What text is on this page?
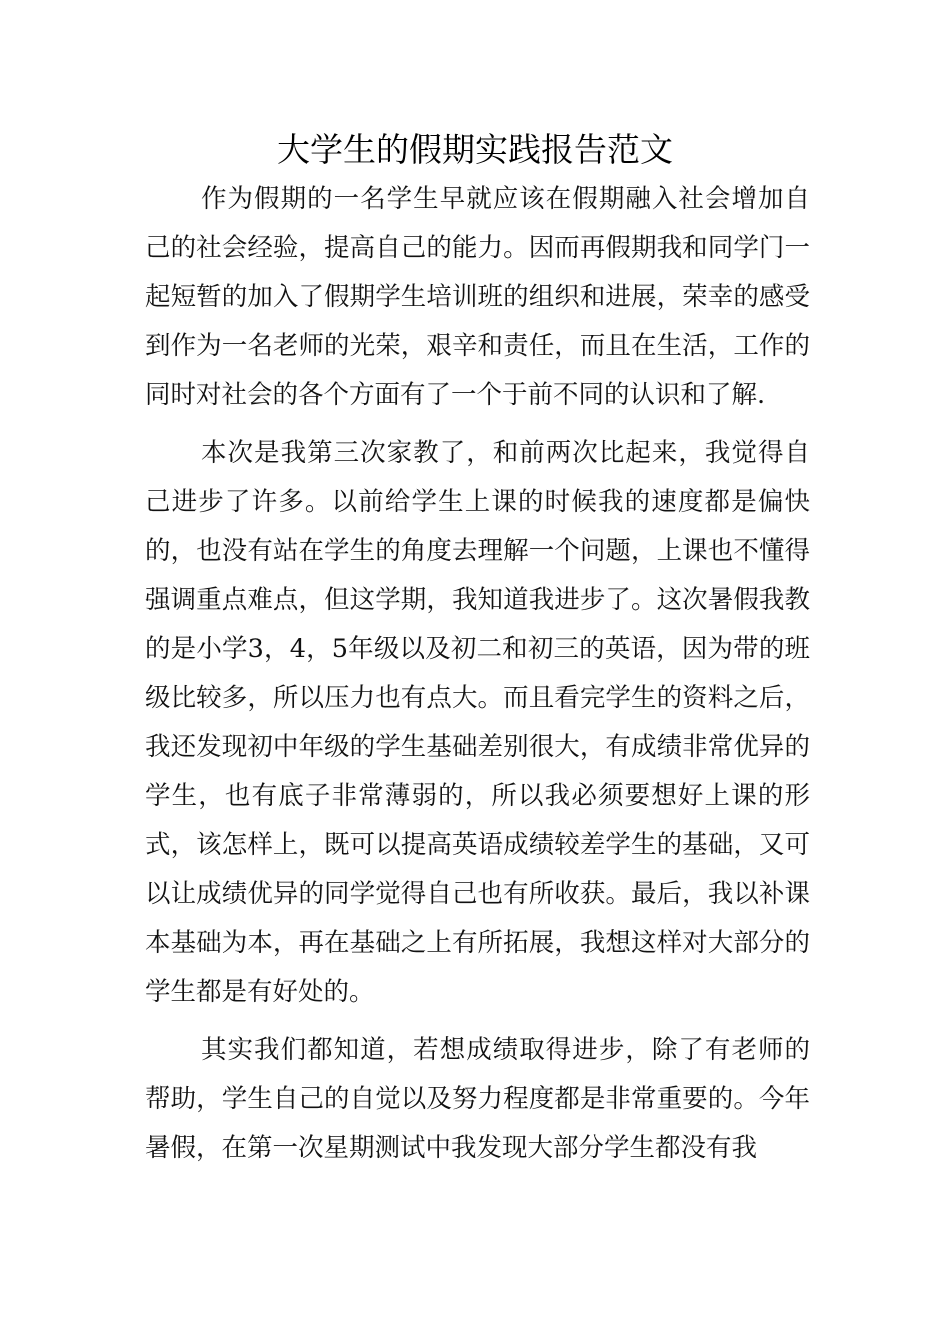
大学生的假期实践报告范文

作为假期的一名学生早就应该在假期融入社会增加自己的社会经验，提高自己的能力。因而再假期我和同学门一起短暂的加入了假期学生培训班的组织和进展，荣幸的感受到作为一名老师的光荣，艰辛和责任，而且在生活，工作的同时对社会的各个方面有了一个于前不同的认识和了解.

本次是我第三次家教了，和前两次比起来，我觉得自己进步了许多。以前给学生上课的时候我的速度都是偏快的，也没有站在学生的角度去理解一个问题，上课也不懂得强调重点难点，但这学期，我知道我进步了。这次暑假我教的是小学3，4，5年级以及初二和初三的英语，因为带的班级比较多，所以压力也有点大。而且看完学生的资料之后，我还发现初中年级的学生基础差别很大，有成绩非常优异的学生，也有底子非常薄弱的，所以我必须要想好上课的形式，该怎样上，既可以提高英语成绩较差学生的基础，又可以让成绩优异的同学觉得自己也有所收获。最后，我以补课本基础为本，再在基础之上有所拓展，我想这样对大部分的学生都是有好处的。

其实我们都知道，若想成绩取得进步，除了有老师的帮助，学生自己的自觉以及努力程度都是非常重要的。今年暑假，在第一次星期测试中我发现大部分学生都没有我
